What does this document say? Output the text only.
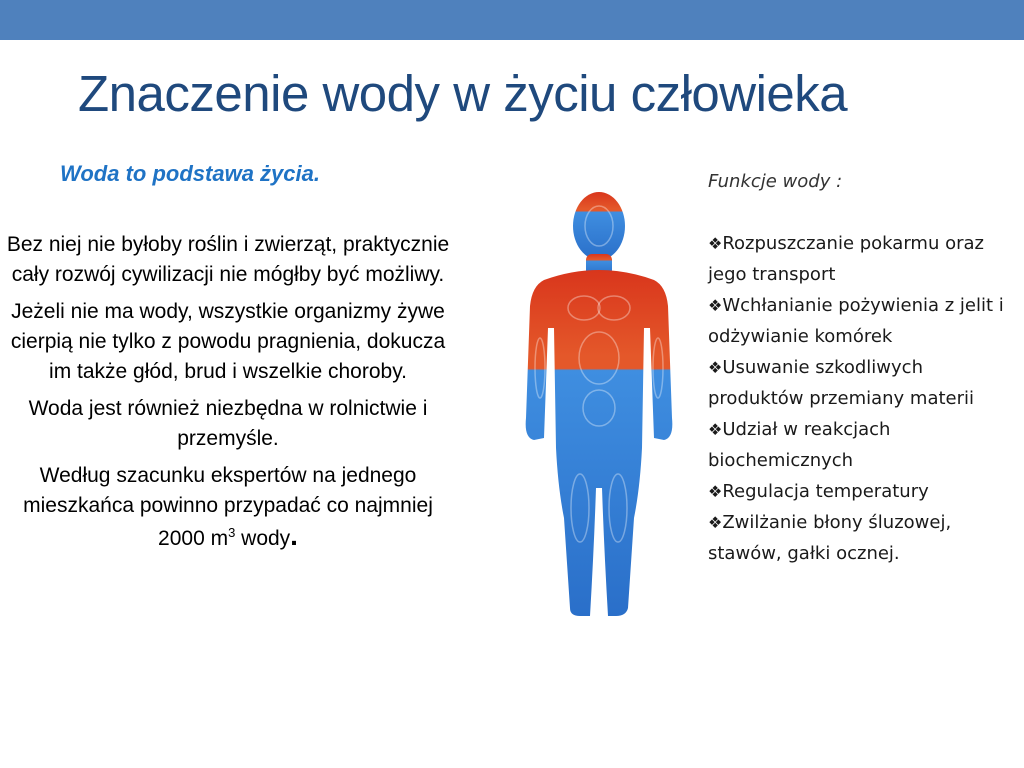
Znaczenie wody w życiu człowieka
Woda to podstawa życia.

Bez niej nie byłoby roślin i zwierząt, praktycznie cały rozwój cywilizacji nie mógłby być możliwy.

Jeżeli nie ma wody, wszystkie organizmy żywe cierpią nie tylko z powodu pragnienia, dokucza im także głód, brud i wszelkie choroby.

Woda jest również niezbędna w rolnictwie i przemyśle.

Według szacunku ekspertów na jednego mieszkańca powinno przypadać co najmniej 2000 $m^3$ wody.

Funkcje wody :
❖Rozpuszczanie pokarmu oraz jego transport
❖Wchłanianie pożywienia z jelit i odżywianie komórek
❖Usuwanie szkodliwych produktów przemiany materii
❖Udział w reakcjach biochemicznych
❖Regulacja temperatury
❖Zwilżanie błony śluzowej, stawów, gałki ocznej.
